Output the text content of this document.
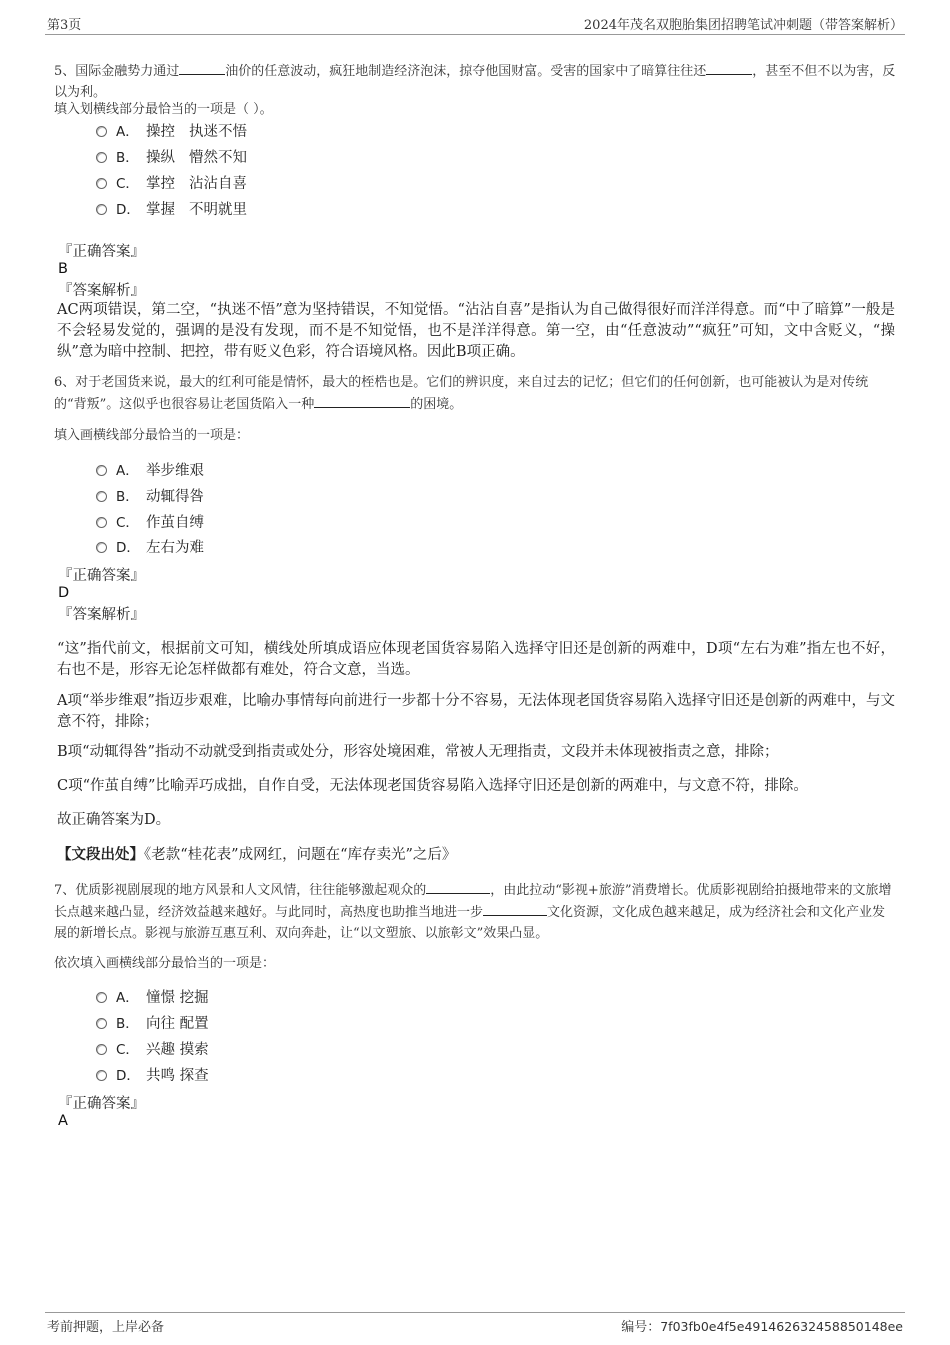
第3页	2024年茂名双胞胎集团招聘笔试冲刺题（带答案解析）
5、国际金融势力通过	油价的任意波动，疯狂地制造经济泡沫，掠夺他国财富。受害的国家中了暗算往往还	，甚至不但不以为害，反以为利。
填入划横线部分最恰当的一项是（ ）。
A． 操控 执迷不悟
B． 操纵 懵然不知
C． 掌控 沾沾自喜
D． 掌握 不明就里
『正确答案』
B
『答案解析』
AC两项错误，第二空，“执迷不悟”意为坚持错误，不知觉悟。“沾沾自喜”是指认为自己做得很好而洋洋得意。而“中了暗算”一般是不会轻易发觉的，强调的是没有发现，而不是不知觉悟，也不是洋洋得意。第一空，由“任意波动”“疯狂”可知，文中含贬义，“操纵”意为暗中控制、把控，带有贬义色彩，符合语境风格。因此B项正确。
6、对于老国货来说，最大的红利可能是情怀，最大的桎梏也是。它们的辨识度，来自过去的记忆；但它们的任何创新，也可能被认为是对传统的“背叛”。这似乎也很容易让老国货陷入一种	的困境。
填入画横线部分最恰当的一项是：
A． 举步维艰
B． 动辄得咎
C． 作茧自缚
D． 左右为难
『正确答案』
D
『答案解析』
“这”指代前文，根据前文可知，横线处所填成语应体现老国货容易陷入选择守旧还是创新的两难中，D项“左右为难”指左也不好，右也不是，形容无论怎样做都有难处，符合文意，当选。
A项“举步维艰”指迈步艰难，比喻办事情每向前进行一步都十分不容易，无法体现老国货容易陷入选择守旧还是创新的两难中，与文意不符，排除；
B项“动辄得咎”指动不动就受到指责或处分，形容处境困难，常被人无理指责，文段并未体现被指责之意，排除；
C项“作茧自缚”比喻弄巧成拙，自作自受，无法体现老国货容易陷入选择守旧还是创新的两难中，与文意不符，排除。
故正确答案为D。
【文段出处】《老款“桂花表”成网红，问题在“库存卖光”之后》
7、优质影视剧展现的地方风景和人文风情，往往能够激起观众的	，由此拉动“影视+旅游”消费增长。优质影视剧给拍摄地带来的文旅增长点越来越凸显，经济效益越来越好。与此同时，高热度也助推当地进一步	文化资源，文化成色越来越足，成为经济社会和文化产业发展的新增长点。影视与旅游互惠互利、双向奔赴，让“以文塑旅、以旅彰文”效果凸显。
依次填入画横线部分最恰当的一项是：
A． 憧憬 挖掘
B． 向往 配置
C． 兴趣 摸索
D． 共鸣 探查
『正确答案』
A
考前押题，上岸必备	编号：7f03fb0e4f5e491462632458850148ee
